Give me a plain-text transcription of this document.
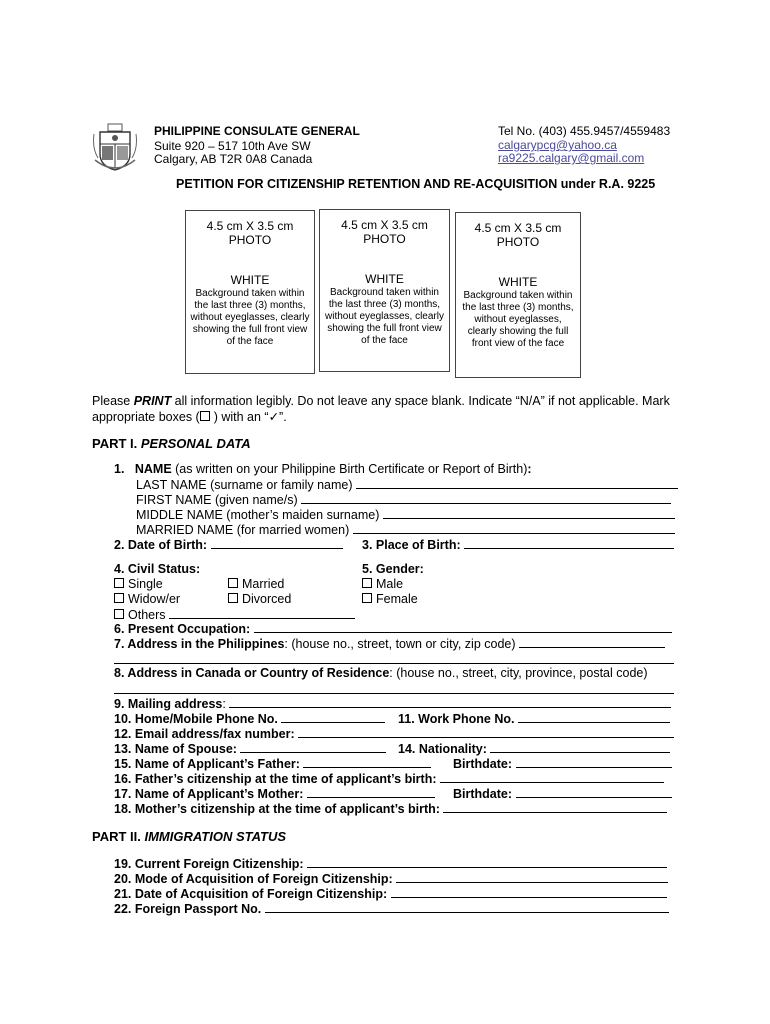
PHILIPPINE CONSULATE GENERAL
Suite 920 – 517 10th Ave SW
Calgary, AB T2R 0A8 Canada
Tel No. (403) 455.9457/4559483
calgarypcg@yahoo.ca
ra9225.calgary@gmail.com
PETITION FOR CITIZENSHIP RETENTION AND RE-ACQUISITION under R.A. 9225
4.5 cm X 3.5 cm
PHOTO
WHITE
Background taken within the last three (3) months, without eyeglasses, clearly showing the full front view of the face
4.5 cm X 3.5 cm
PHOTO
WHITE
Background taken within the last three (3) months, without eyeglasses, clearly showing the full front view of the face
4.5 cm X 3.5 cm
PHOTO
WHITE
Background taken within the last three (3) months, without eyeglasses, clearly showing the full front view of the face
Please PRINT all information legibly. Do not leave any space blank. Indicate “N/A” if not applicable. Mark
appropriate boxes ( ) with an “✓”.
PART I. PERSONAL DATA
1. NAME (as written on your Philippine Birth Certificate or Report of Birth):
LAST NAME (surname or family name)
FIRST NAME (given name/s)
MIDDLE NAME (mother’s maiden surname)
MARRIED NAME (for married women)
2. Date of Birth:	3. Place of Birth:
4. Civil Status:	5. Gender:
Single	Married	Male
Widow/er	Divorced	Female
Others
6. Present Occupation:
7. Address in the Philippines: (house no., street, town or city, zip code)
8. Address in Canada or Country of Residence: (house no., street, city, province, postal code)
9. Mailing address:
10. Home/Mobile Phone No.	11. Work Phone No.
12. Email address/fax number:
13. Name of Spouse:	14. Nationality:
15. Name of Applicant’s Father:	Birthdate:
16. Father’s citizenship at the time of applicant’s birth:
17. Name of Applicant’s Mother:	Birthdate:
18. Mother’s citizenship at the time of applicant’s birth:
PART II. IMMIGRATION STATUS
19. Current Foreign Citizenship:
20. Mode of Acquisition of Foreign Citizenship:
21. Date of Acquisition of Foreign Citizenship:
22. Foreign Passport No.
